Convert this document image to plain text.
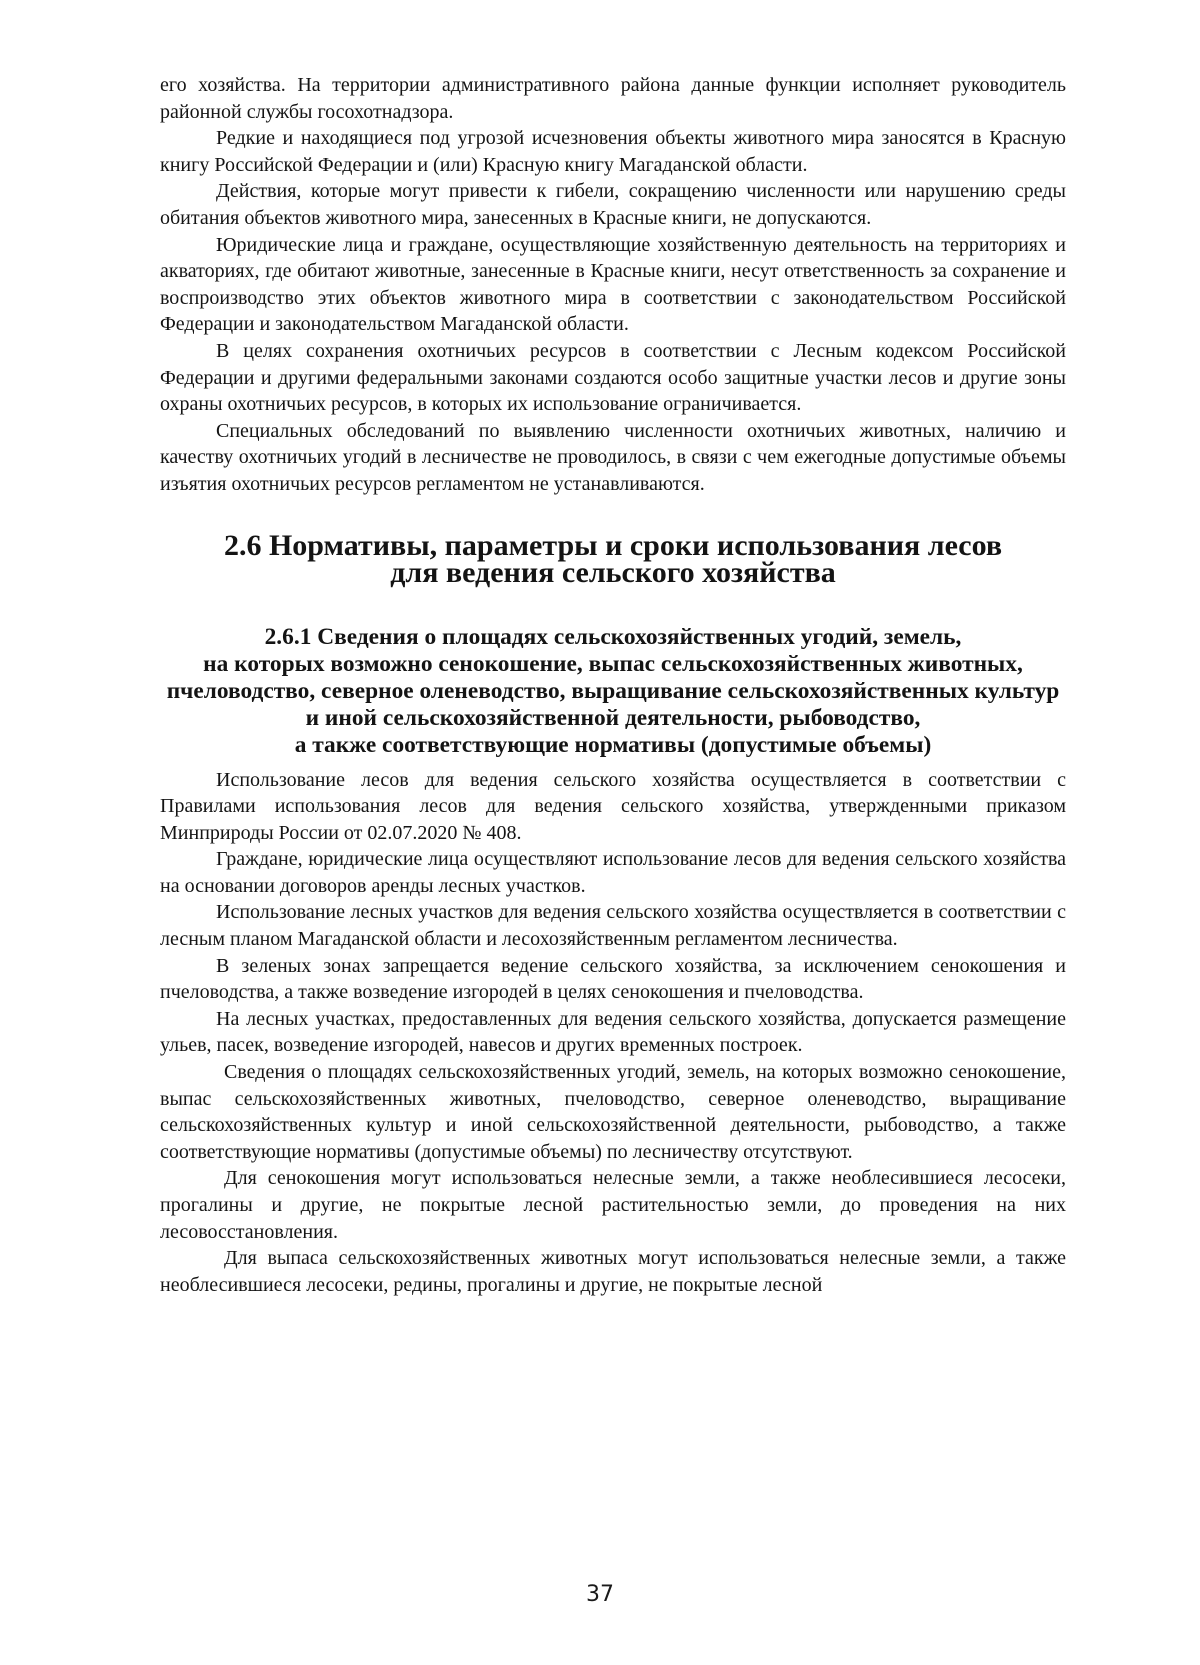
его хозяйства. На территории административного района данные функции исполняет руководитель районной службы госохотнадзора.

Редкие и находящиеся под угрозой исчезновения объекты животного мира заносятся в Красную книгу Российской Федерации и (или) Красную книгу Магаданской области.

Действия, которые могут привести к гибели, сокращению численности или нарушению среды обитания объектов животного мира, занесенных в Красные книги, не допускаются.

Юридические лица и граждане, осуществляющие хозяйственную деятельность на территориях и акваториях, где обитают животные, занесенные в Красные книги, несут ответственность за сохранение и воспроизводство этих объектов животного мира в соответствии с законодательством Российской Федерации и законодательством Магаданской области.

В целях сохранения охотничьих ресурсов в соответствии с Лесным кодексом Российской Федерации и другими федеральными законами создаются особо защитные участки лесов и другие зоны охраны охотничьих ресурсов, в которых их использование ограничивается.

Специальных обследований по выявлению численности охотничьих животных, наличию и качеству охотничьих угодий в лесничестве не проводилось, в связи с чем ежегодные допустимые объемы изъятия охотничьих ресурсов регламентом не устанавливаются.

2.6 Нормативы, параметры и сроки использования лесов
для ведения сельского хозяйства
2.6.1 Сведения о площадях сельскохозяйственных угодий, земель,
на которых возможно сенокошение, выпас сельскохозяйственных животных,
пчеловодство, северное оленеводство, выращивание сельскохозяйственных культур
и иной сельскохозяйственной деятельности, рыбоводство,
а также соответствующие нормативы (допустимые объемы)

Использование лесов для ведения сельского хозяйства осуществляется в соответствии с Правилами использования лесов для ведения сельского хозяйства, утвержденными приказом Минприроды России от 02.07.2020 № 408.

Граждане, юридические лица осуществляют использование лесов для ведения сельского хозяйства на основании договоров аренды лесных участков.

Использование лесных участков для ведения сельского хозяйства осуществляется в соответствии с лесным планом Магаданской области и лесохозяйственным регламентом лесничества.

В зеленых зонах запрещается ведение сельского хозяйства, за исключением сенокошения и пчеловодства, а также возведение изгородей в целях сенокошения и пчеловодства.

На лесных участках, предоставленных для ведения сельского хозяйства, допускается размещение ульев, пасек, возведение изгородей, навесов и других временных построек.

Сведения о площадях сельскохозяйственных угодий, земель, на которых возможно сенокошение, выпас сельскохозяйственных животных, пчеловодство, северное оленеводство, выращивание сельскохозяйственных культур и иной сельскохозяйственной деятельности, рыбоводство, а также соответствующие нормативы (допустимые объемы) по лесничеству отсутствуют.

Для сенокошения могут использоваться нелесные земли, а также необлесившиеся лесосеки, прогалины и другие, не покрытые лесной растительностью земли, до проведения на них лесовосстановления.

Для выпаса сельскохозяйственных животных могут использоваться нелесные земли, а также необлесившиеся лесосеки, редины, прогалины и другие, не покрытые лесной

37
